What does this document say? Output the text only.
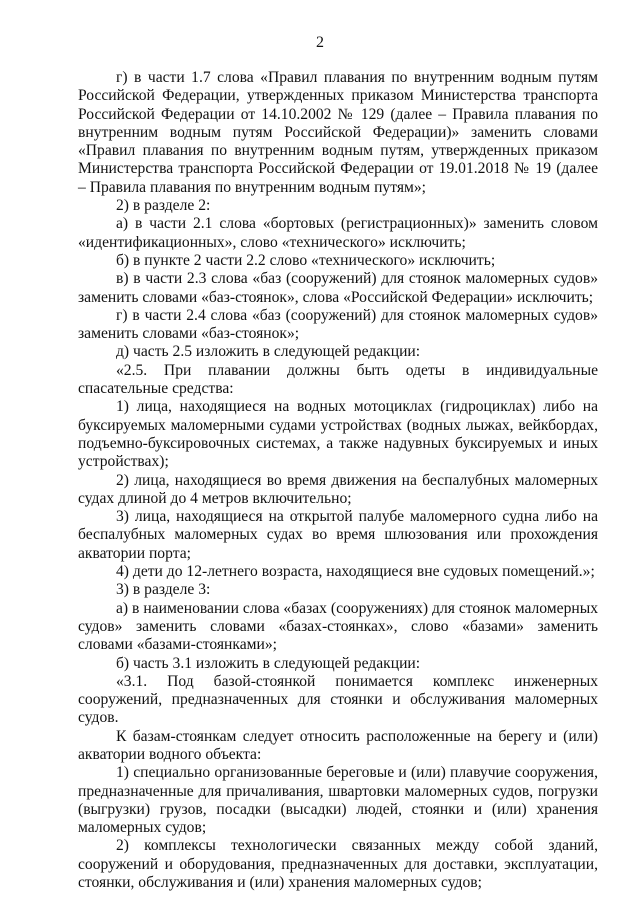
2

г) в части 1.7 слова «Правил плавания по внутренним водным путям Российской Федерации, утвержденных приказом Министерства транспорта Российской Федерации от 14.10.2002 № 129 (далее – Правила плавания по внутренним водным путям Российской Федерации)» заменить словами «Правил плавания по внутренним водным путям, утвержденных приказом Министерства транспорта Российской Федерации от 19.01.2018 № 19 (далее – Правила плавания по внутренним водным путям»;

2) в разделе 2:

а) в части 2.1 слова «бортовых (регистрационных)» заменить словом «идентификационных», слово «технического» исключить;

б) в пункте 2 части 2.2 слово «технического» исключить;

в) в части 2.3 слова «баз (сооружений) для стоянок маломерных судов» заменить словами «баз-стоянок», слова «Российской Федерации» исключить;

г) в части 2.4 слова «баз (сооружений) для стоянок маломерных судов» заменить словами «баз-стоянок»;

д) часть 2.5 изложить в следующей редакции:

«2.5. При плавании должны быть одеты в индивидуальные спасательные средства:

1) лица, находящиеся на водных мотоциклах (гидроциклах) либо на буксируемых маломерными судами устройствах (водных лыжах, вейкбордах, подъемно-буксировочных системах, а также надувных буксируемых и иных устройствах);

2) лица, находящиеся во время движения на беспалубных маломерных судах длиной до 4 метров включительно;

3) лица, находящиеся на открытой палубе маломерного судна либо на беспалубных маломерных судах во время шлюзования или прохождения акватории порта;

4) дети до 12-летнего возраста, находящиеся вне судовых помещений.»;

3) в разделе 3:

а) в наименовании слова «базах (сооружениях) для стоянок маломерных судов» заменить словами «базах-стоянках», слово «базами» заменить словами «базами-стоянками»;

б) часть 3.1 изложить в следующей редакции:

«3.1. Под базой-стоянкой понимается комплекс инженерных сооружений, предназначенных для стоянки и обслуживания маломерных судов.

К базам-стоянкам следует относить расположенные на берегу и (или) акватории водного объекта:

1) специально организованные береговые и (или) плавучие сооружения, предназначенные для причаливания, швартовки маломерных судов, погрузки (выгрузки) грузов, посадки (высадки) людей, стоянки и (или) хранения маломерных судов;

2) комплексы технологически связанных между собой зданий, сооружений и оборудования, предназначенных для доставки, эксплуатации, стоянки, обслуживания и (или) хранения маломерных судов;
